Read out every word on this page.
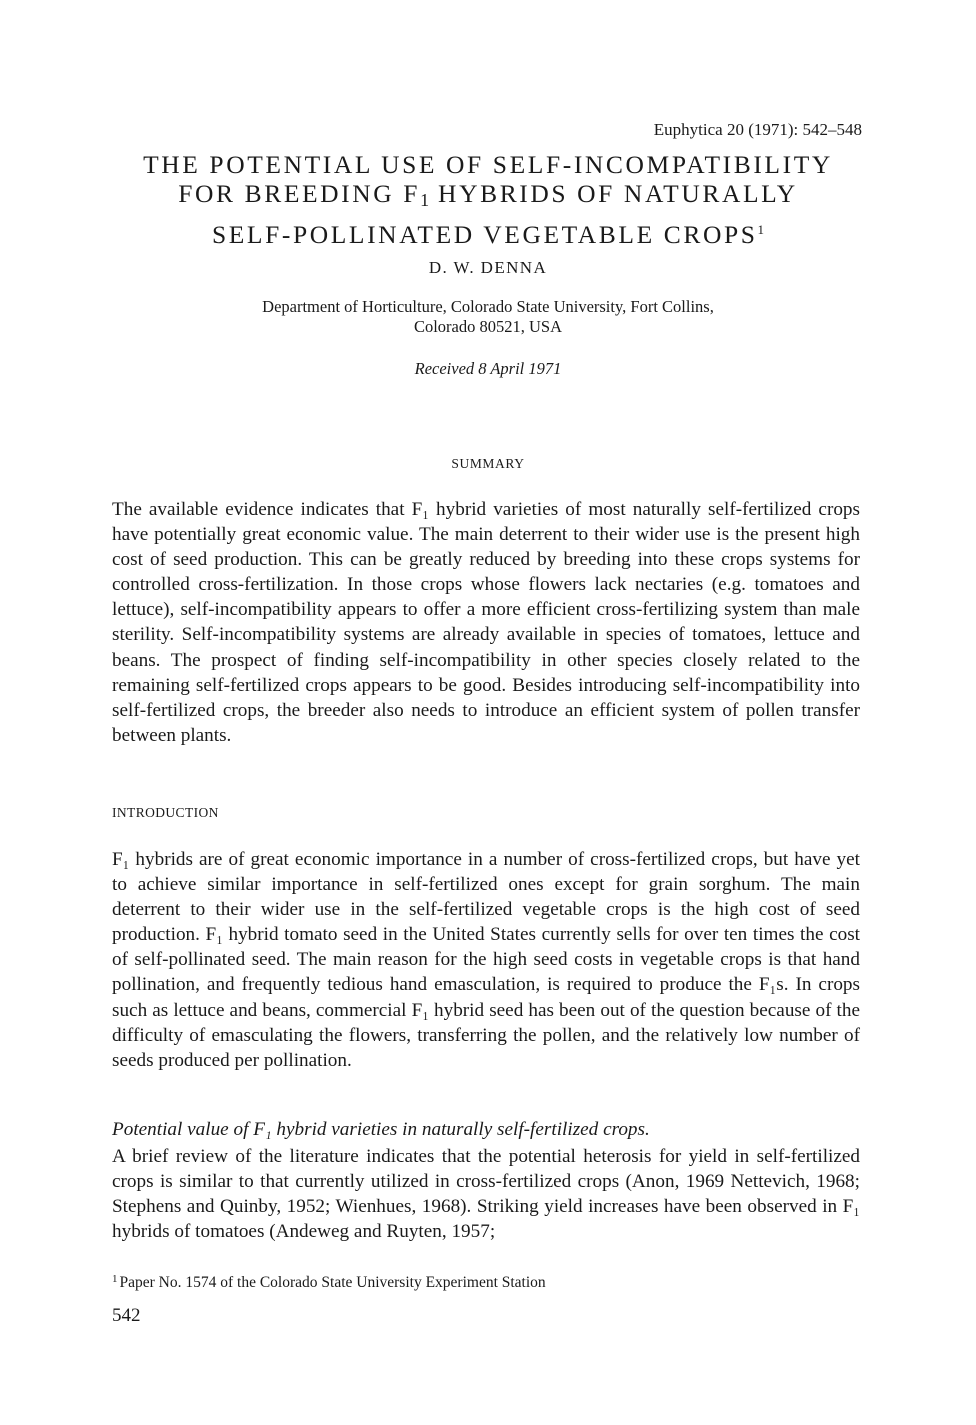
Euphytica 20 (1971): 542–548
THE POTENTIAL USE OF SELF-INCOMPATIBILITY
FOR BREEDING F1 HYBRIDS OF NATURALLY
SELF-POLLINATED VEGETABLE CROPS$^1$
D. W. DENNA
Department of Horticulture, Colorado State University, Fort Collins,
Colorado 80521, USA
Received 8 April 1971
SUMMARY
The available evidence indicates that F₁ hybrid varieties of most naturally self-fertilized crops have potentially great economic value. The main deterrent to their wider use is the present high cost of seed production. This can be greatly reduced by breeding into these crops systems for controlled cross-fertilization. In those crops whose flowers lack nectaries (e.g. tomatoes and lettuce), self-incompatibility appears to offer a more efficient cross-fertilizing system than male sterility. Self-incompatibility systems are already available in species of tomatoes, lettuce and beans. The prospect of finding self-incompatibility in other species closely related to the remaining self-fertilized crops appears to be good. Besides introducing self-incompatibility into self-fertilized crops, the breeder also needs to introduce an efficient system of pollen transfer between plants.
INTRODUCTION
F₁ hybrids are of great economic importance in a number of cross-fertilized crops, but have yet to achieve similar importance in self-fertilized ones except for grain sorghum. The main deterrent to their wider use in the self-fertilized vegetable crops is the high cost of seed production. F₁ hybrid tomato seed in the United States currently sells for over ten times the cost of self-pollinated seed. The main reason for the high seed costs in vegetable crops is that hand pollination, and frequently tedious hand emasculation, is required to produce the F₁s. In crops such as lettuce and beans, commercial F₁ hybrid seed has been out of the question because of the difficulty of emasculating the flowers, transferring the pollen, and the relatively low number of seeds produced per pollination.
Potential value of F₁ hybrid varieties in naturally self-fertilized crops.
A brief review of the literature indicates that the potential heterosis for yield in self-fertilized crops is similar to that currently utilized in cross-fertilized crops (Anon, 1969 Nettevich, 1968; Stephens and Quinby, 1952; Wienhues, 1968). Striking yield increases have been observed in F₁ hybrids of tomatoes (Andeweg and Ruyten, 1957;
$^1$ Paper No. 1574 of the Colorado State University Experiment Station
542
